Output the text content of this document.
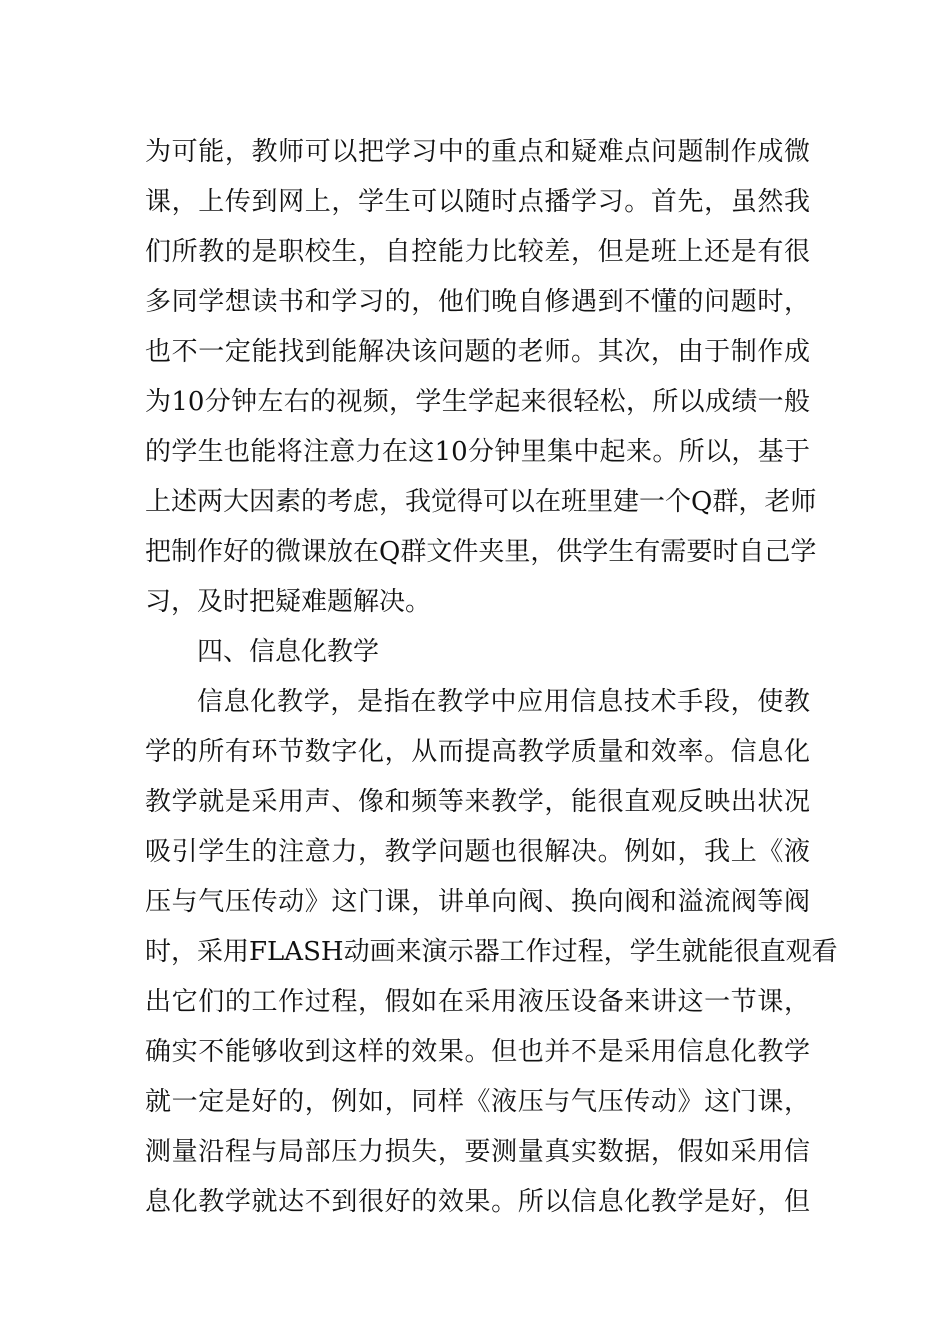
为可能，教师可以把学习中的重点和疑难点问题制作成微
课，上传到网上，学生可以随时点播学习。首先，虽然我
们所教的是职校生，自控能力比较差，但是班上还是有很
多同学想读书和学习的，他们晚自修遇到不懂的问题时，
也不一定能找到能解决该问题的老师。其次，由于制作成
为10分钟左右的视频，学生学起来很轻松，所以成绩一般
的学生也能将注意力在这10分钟里集中起来。所以，基于
上述两大因素的考虑，我觉得可以在班里建一个Q群，老师
把制作好的微课放在Q群文件夹里，供学生有需要时自己学
习，及时把疑难题解决。
四、信息化教学
信息化教学，是指在教学中应用信息技术手段，使教
学的所有环节数字化，从而提高教学质量和效率。信息化
教学就是采用声、像和频等来教学，能很直观反映出状况
吸引学生的注意力，教学问题也很解决。例如，我上《液
压与气压传动》这门课，讲单向阀、换向阀和溢流阀等阀
时，采用FLASH动画来演示器工作过程，学生就能很直观看
出它们的工作过程，假如在采用液压设备来讲这一节课，
确实不能够收到这样的效果。但也并不是采用信息化教学
就一定是好的，例如，同样《液压与气压传动》这门课，
测量沿程与局部压力损失，要测量真实数据，假如采用信
息化教学就达不到很好的效果。所以信息化教学是好，但
